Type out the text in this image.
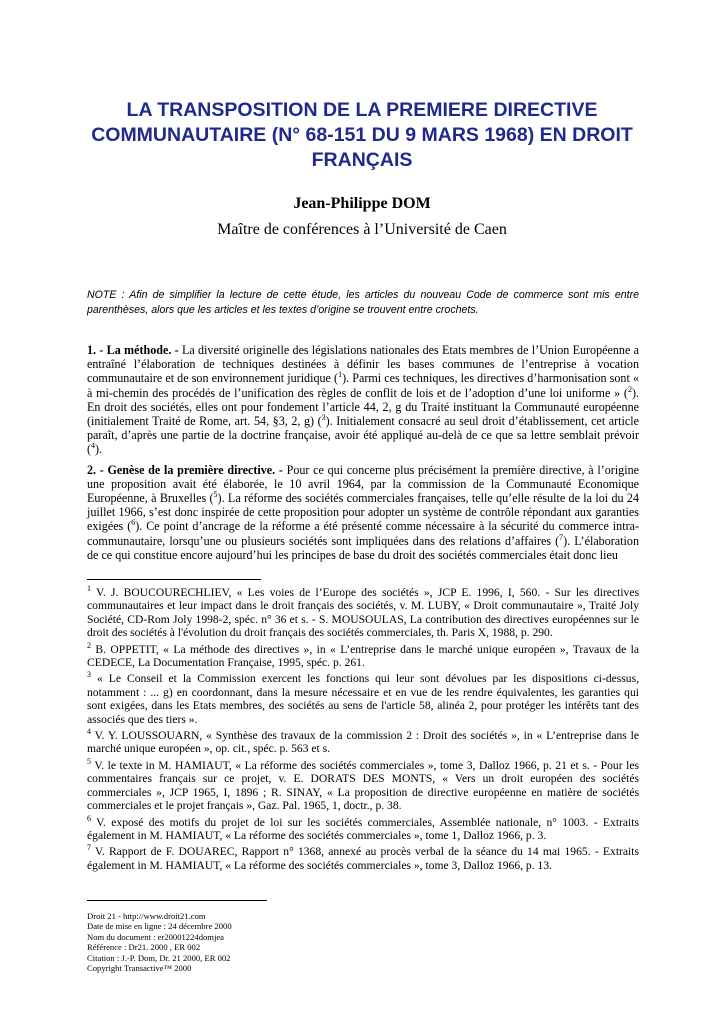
LA TRANSPOSITION DE LA PREMIERE DIRECTIVE
COMMUNAUTAIRE (N° 68-151 DU 9 MARS 1968) EN DROIT
FRANÇAIS

Jean-Philippe DOM

Maître de conférences à l’Université de Caen

NOTE : Afin de simplifier la lecture de cette étude, les articles du nouveau Code de commerce sont mis entre parenthèses, alors que les articles et les textes d’origine se trouvent entre crochets.

1. - La méthode. - La diversité originelle des législations nationales des Etats membres de l’Union Européenne a entraîné l’élaboration de techniques destinées à définir les bases communes de l’entreprise à vocation communautaire et de son environnement juridique ($^1$). Parmi ces techniques, les directives d’harmonisation sont « à mi-chemin des procédés de l’unification des règles de conflit de lois et de l’adoption d’une loi uniforme » ($^2$). En droit des sociétés, elles ont pour fondement l’article 44, 2, g du Traité instituant la Communauté européenne (initialement Traité de Rome, art. 54, §3, 2, g) ($^3$). Initialement consacré au seul droit d’établissement, cet article paraît, d’après une partie de la doctrine française, avoir été appliqué au-delà de ce que sa lettre semblait prévoir ($^4$).

2. - Genèse de la première directive. - Pour ce qui concerne plus précisément la première directive, à l’origine une proposition avait été élaborée, le 10 avril 1964, par la commission de la Communauté Economique Européenne, à Bruxelles ($^5$). La réforme des sociétés commerciales françaises, telle qu’elle résulte de la loi du 24 juillet 1966, s’est donc inspirée de cette proposition pour adopter un système de contrôle répondant aux garanties exigées ($^6$). Ce point d’ancrage de la réforme a été présenté comme nécessaire à la sécurité du commerce intra-communautaire, lorsqu’une ou plusieurs sociétés sont impliquées dans des relations d’affaires ($^7$). L’élaboration de ce qui constitue encore aujourd’hui les principes de base du droit des sociétés commerciales était donc lieu

$^1$ V. J. BOUCOURECHLIEV, « Les voies de l’Europe des sociétés », JCP E. 1996, I, 560. - Sur les directives communautaires et leur impact dans le droit français des sociétés, v. M. LUBY, « Droit communautaire », Traité Joly Société, CD-Rom Joly 1998-2, spéc. n° 36 et s. - S. MOUSOULAS, La contribution des directives européennes sur le droit des sociétés à l'évolution du droit français des sociétés commerciales, th. Paris X, 1988, p. 290.
$^2$ B. OPPETIT, « La méthode des directives », in « L’entreprise dans le marché unique européen », Travaux de la CEDECE, La Documentation Française, 1995, spéc. p. 261.
$^3$ « Le Conseil et la Commission exercent les fonctions qui leur sont dévolues par les dispositions ci-dessus, notamment : ... g) en coordonnant, dans la mesure nécessaire et en vue de les rendre équivalentes, les garanties qui sont exigées, dans les Etats membres, des sociétés au sens de l'article 58, alinéa 2, pour protéger les intérêts tant des associés que des tiers ».
$^4$ V. Y. LOUSSOUARN, « Synthèse des travaux de la commission 2 : Droit des sociétés », in « L’entreprise dans le marché unique européen », op. cit., spéc. p. 563 et s.
$^5$ V. le texte in M. HAMIAUT, « La réforme des sociétés commerciales », tome 3, Dalloz 1966, p. 21 et s. - Pour les commentaires français sur ce projet, v. E. DORATS DES MONTS, « Vers un droit européen des sociétés commerciales », JCP 1965, I, 1896 ; R. SINAY, « La proposition de directive européenne en matière de sociétés commerciales et le projet français », Gaz. Pal. 1965, 1, doctr., p. 38.
$^6$ V. exposé des motifs du projet de loi sur les sociétés commerciales, Assemblée nationale, n° 1003. - Extraits également in M. HAMIAUT, « La réforme des sociétés commerciales », tome 1, Dalloz 1966, p. 3.
$^7$ V. Rapport de F. DOUAREC, Rapport n° 1368, annexé au procès verbal de la séance du 14 mai 1965. - Extraits également in M. HAMIAUT, « La réforme des sociétés commerciales », tome 3, Dalloz 1966, p. 13.
Droit 21 - http://www.droit21.com
Date de mise en ligne : 24 décembre 2000
Nom du document : er20001224domjea
Référence : Dr21. 2000 , ER 002
Citation : J.-P. Dom, Dr. 21 2000, ER 002
Copyright Transactive™ 2000
